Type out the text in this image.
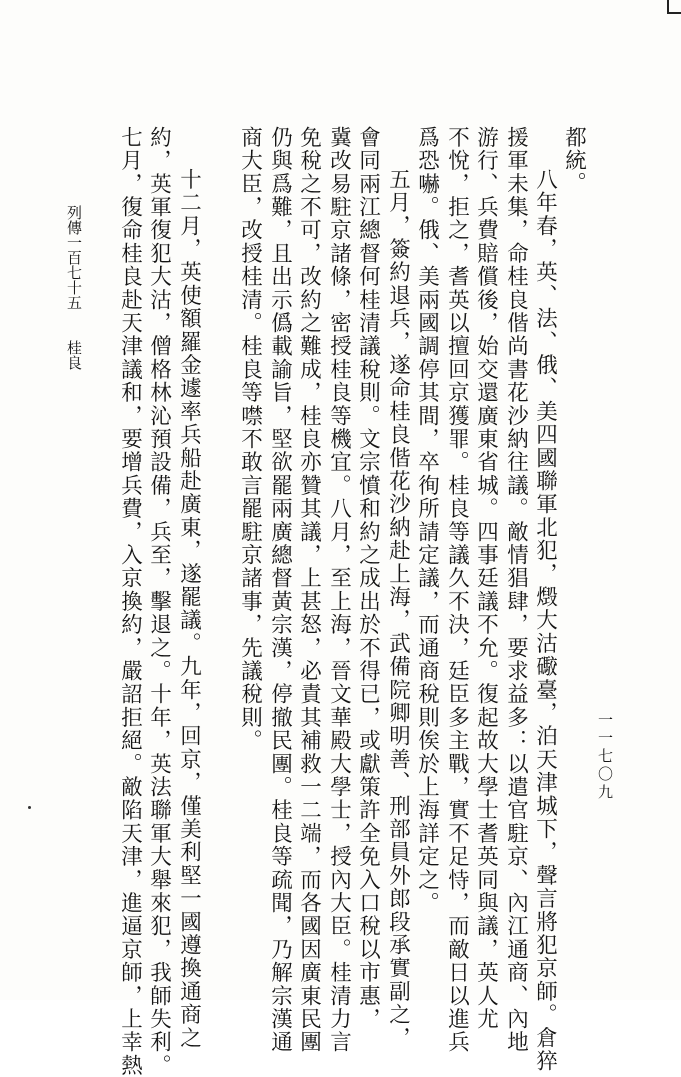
都統。
八年春，英、法、俄、美四國聯軍北犯，燬大沽礮臺，泊天津城下，聲言將犯京師。倉猝
援軍未集，命桂良偕尚書花沙納往議。敵情猖肆，要求益多：以遣官駐京、內江通商、內地
游行、兵費賠償後，始交還廣東省城。四事廷議不允。復起故大學士耆英同與議，英人尤
不悅，拒之，耆英以擅回京獲罪。桂良等議久不決，廷臣多主戰，實不足恃，而敵日以進兵
爲恐嚇。俄、美兩國調停其間，卒徇所請定議，而通商稅則俟於上海詳定之。
五月，簽約退兵，遂命桂良偕花沙納赴上海，武備院卿明善、刑部員外郎段承實副之，
會同兩江總督何桂清議稅則。文宗憤和約之成出於不得已，或獻策許全免入口稅以市惠，
冀改易駐京諸條，密授桂良等機宜。八月，至上海，晉文華殿大學士，授內大臣。桂清力言
免稅之不可，改約之難成，桂良亦贊其議，上甚怒，必責其補救一二端，而各國因廣東民團
仍與爲難，且出示僞載諭旨，堅欲罷兩廣總督黃宗漢，停撤民團。桂良等疏聞，乃解宗漢通
商大臣，改授桂清。桂良等噤不敢言罷駐京諸事，先議稅則。
十二月，英使額羅金遽率兵船赴廣東，遂罷議。九年，回京，僅美利堅一國遵換通商之
約，英軍復犯大沽，僧格林沁預設備，兵至，擊退之。十年，英法聯軍大舉來犯，我師失利。
七月，復命桂良赴天津議和，要增兵費，入京換約，嚴詔拒絕。敵陷天津，進逼京師，上幸熱
列傳一百七十五桂良
一一七〇九
